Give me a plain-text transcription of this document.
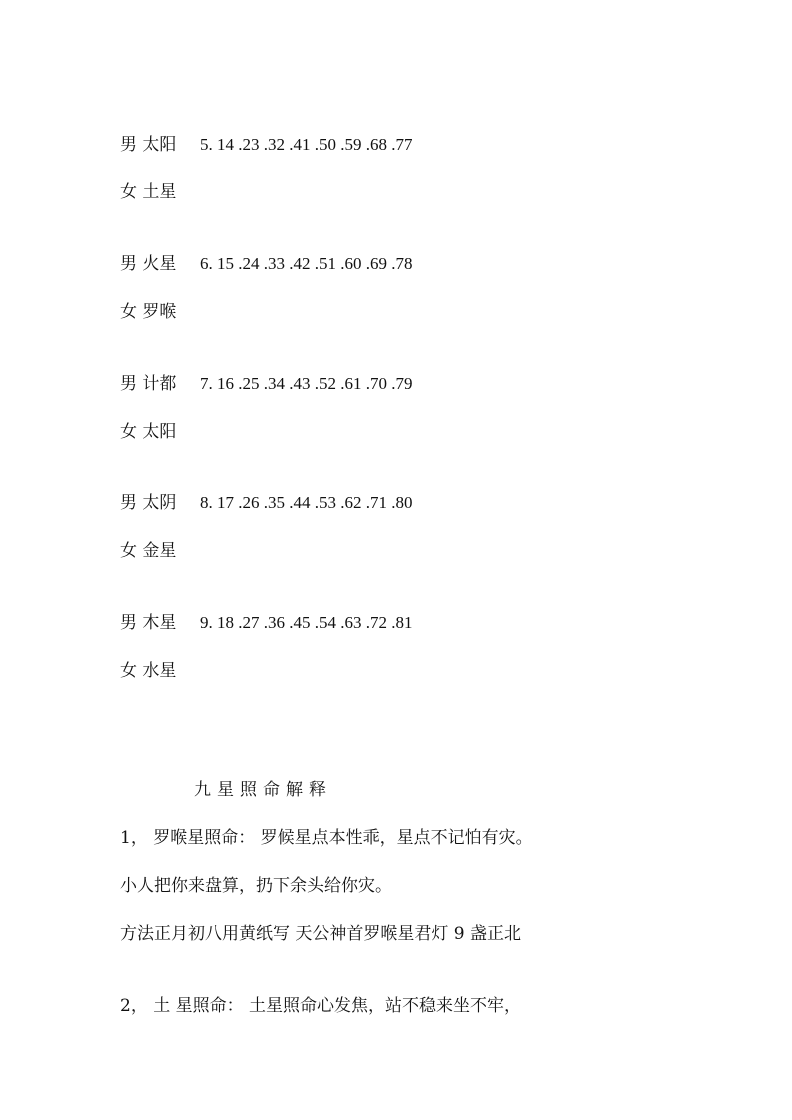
男 太阳 5. 14 .23 .32 .41 .50 .59 .68 .77
女 土星
男 火星 6. 15 .24 .33 .42 .51 .60 .69 .78
女 罗喉
男 计都 7. 16 .25 .34 .43 .52 .61 .70 .79
女 太阳
男 太阴 8. 17 .26 .35 .44 .53 .62 .71 .80
女 金星
男 木星 9. 18 .27 .36 .45 .54 .63 .72 .81
女 水星
九星照命解释
1， 罗喉星照命： 罗候星点本性乖，星点不记怕有灾。
小人把你来盘算，扔下余头给你灾。
方法正月初八用黄纸写 天公神首罗喉星君灯 9 盏正北
2， 土 星照命： 土星照命心发焦，站不稳来坐不牢，
